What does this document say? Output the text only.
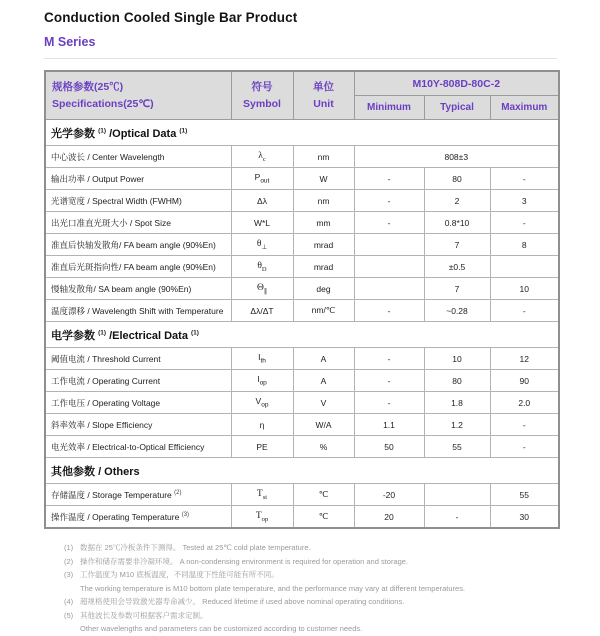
Conduction Cooled Single Bar Product
M Series
规格参数(25℃)
Specifications(25℃)

符号
Symbol

单位
Unit
	M10Y-808D-80C-2
			Minimum	Typical	Maximum
光学参数 $^{(1)}$ /Optical Data $^{(1)}$
中心波长 / Center Wavelength	$\lambda_c$	nm	808±3		
输出功率 / Output Power	$P_{out}$	W	-	80	-
光谱宽度 / Spectral Width (FWHM)	Δλ	nm	-	2	3
出光口准直光斑大小 / Spot Size	W*L	mm	-	0.8*10	-
准直后快轴发散角/ FA beam angle (90%En)	$\theta_\perp$	mrad		7	8
准直后光斑指向性/ FA beam angle (90%En)	$\theta_D$	mrad		±0.5	
慢轴发散角/ SA beam angle (90%En)	$\Theta_\parallel$	deg		7	10
温度漂移 / Wavelength Shift with Temperature	Δλ/ΔT	nm/℃	-	~0.28	-
电学参数 $^{(1)}$ /Electrical Data $^{(1)}$
阈值电流 / Threshold Current	$I_{th}$	A	-	10	12
工作电流 / Operating Current	$I_{op}$	A	-	80	90
工作电压 / Operating Voltage	$V_{op}$	V	-	1.8	2.0
斜率效率 / Slope Efficiency	η	W/A	1.1	1.2	-
电光效率 / Electrical-to-Optical Efficiency	PE	%	50	55	-
其他参数 / Others					
存储温度 / Storage Temperature $^{(2)}$	$T_{st}$	℃	-20		55
操作温度 / Operating Temperature $^{(3)}$	$T_{op}$	℃	20	-	30
(1) 数据在 25℃冷板条件下测得。 Tested at 25℃ cold plate temperature.
(2) 操作和储存需要非冷凝环境。 A non-condensing environment is required for operation and storage.
(3) 工作温度为 M10 底板温度，不同温度下性能可能有所不同。
The working temperature is M10 bottom plate temperature, and the performance may vary at different temperatures.
(4) 超规格使用会导致激光器寿命减少。 Reduced lifetime if used above nominal operating conditions.
(5) 其他波长及参数可根据客户需求定制。
Other wavelengths and parameters can be customized according to customer needs.
